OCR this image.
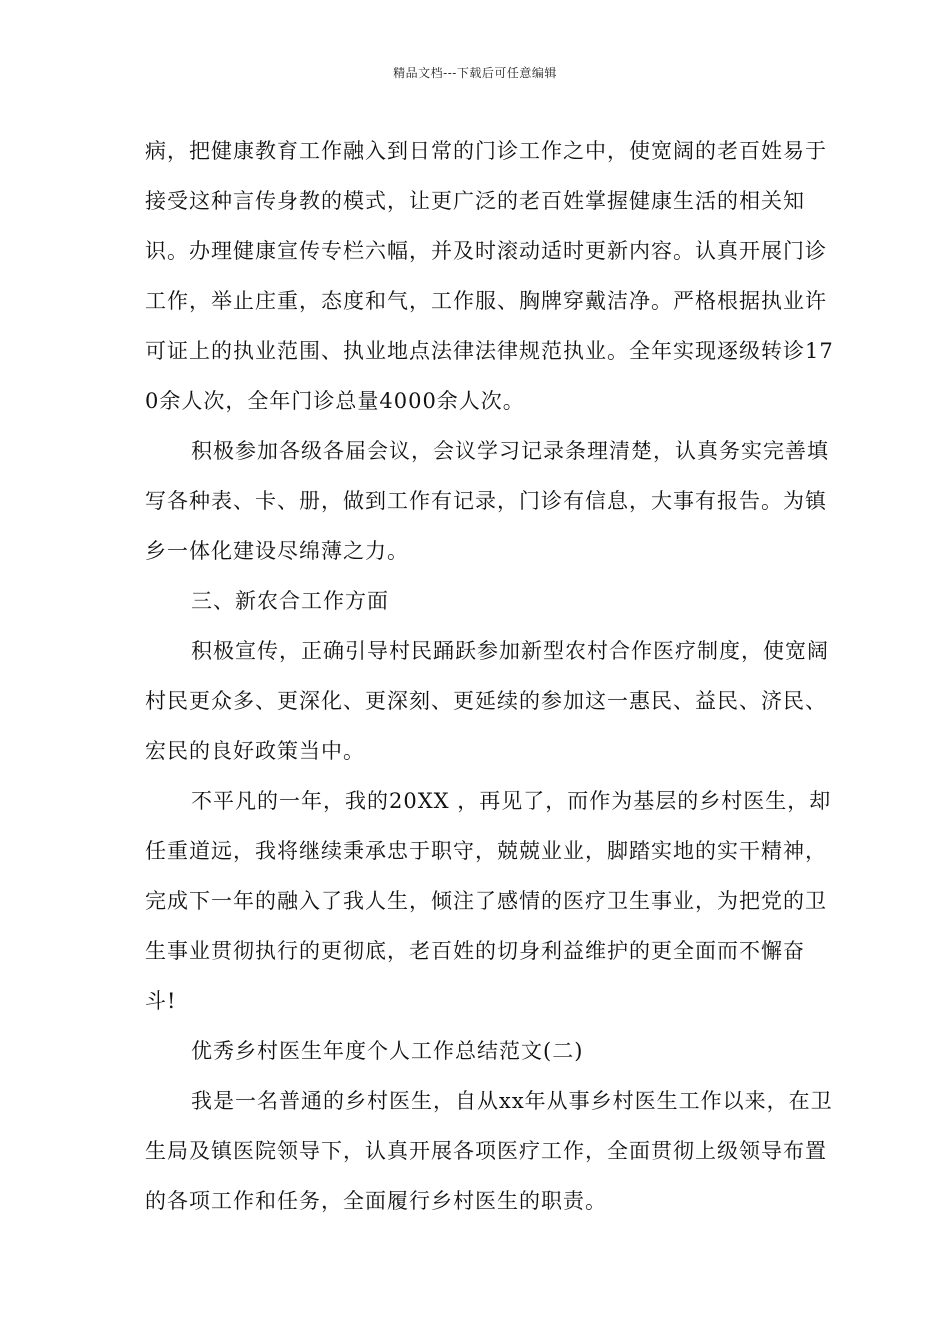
精品文档---下载后可任意编辑

病，把健康教育工作融入到日常的门诊工作之中，使宽阔的老百姓易于接受这种言传身教的模式，让更广泛的老百姓掌握健康生活的相关知识。办理健康宣传专栏六幅，并及时滚动适时更新内容。认真开展门诊工作，举止庄重，态度和气，工作服、胸牌穿戴洁净。严格根据执业许可证上的执业范围、执业地点法律法律规范执业。全年实现逐级转诊170余人次，全年门诊总量4000余人次。

积极参加各级各届会议，会议学习记录条理清楚，认真务实完善填写各种表、卡、册，做到工作有记录，门诊有信息，大事有报告。为镇乡一体化建设尽绵薄之力。

三、新农合工作方面

积极宣传，正确引导村民踊跃参加新型农村合作医疗制度，使宽阔村民更众多、更深化、更深刻、更延续的参加这一惠民、益民、济民、宏民的良好政策当中。

不平凡的一年，我的20XX ，再见了，而作为基层的乡村医生，却任重道远，我将继续秉承忠于职守，兢兢业业，脚踏实地的实干精神，完成下一年的融入了我人生，倾注了感情的医疗卫生事业，为把党的卫生事业贯彻执行的更彻底，老百姓的切身利益维护的更全面而不懈奋斗!

优秀乡村医生年度个人工作总结范文(二)

我是一名普通的乡村医生，自从xx年从事乡村医生工作以来，在卫生局及镇医院领导下，认真开展各项医疗工作，全面贯彻上级领导布置的各项工作和任务，全面履行乡村医生的职责。
